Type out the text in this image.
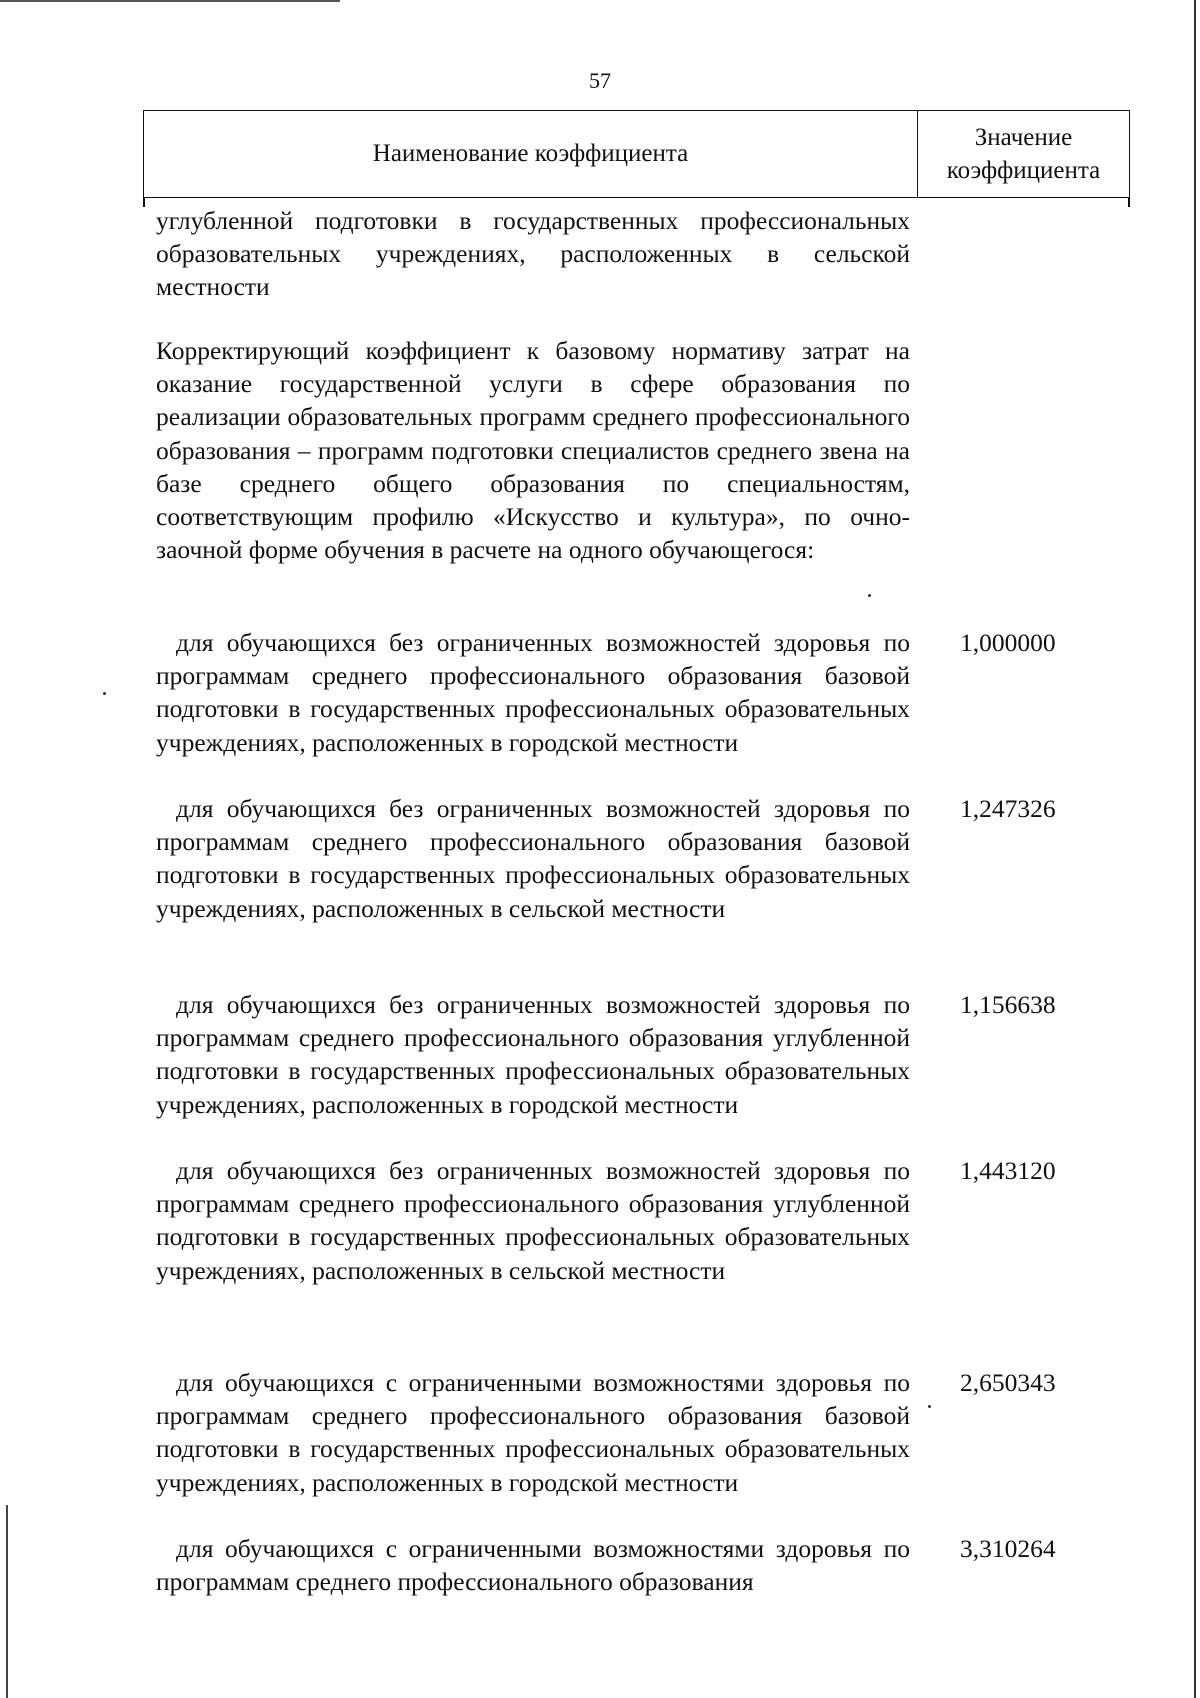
57
Наименование коэффициента
Значение коэффициента
углубленной подготовки в государственных профессиональных образовательных учреждениях, расположенных в сельской местности
Корректирующий коэффициент к базовому нормативу затрат на оказание государственной услуги в сфере образования по реализации образовательных программ среднего профессионального образования – программ подготовки специалистов среднего звена на базе среднего общего образования по специальностям, соответствующим профилю «Искусство и культура», по очно-заочной форме обучения в расчете на одного обучающегося:
для обучающихся без ограниченных возможностей здоровья по программам среднего профессионального образования базовой подготовки в государственных профессиональных образовательных учреждениях, расположенных в городской местности
1,000000
для обучающихся без ограниченных возможностей здоровья по программам среднего профессионального образования базовой подготовки в государственных профессиональных образовательных учреждениях, расположенных в сельской местности
1,247326
для обучающихся без ограниченных возможностей здоровья по программам среднего профессионального образования углубленной подготовки в государственных профессиональных образовательных учреждениях, расположенных в городской местности
1,156638
для обучающихся без ограниченных возможностей здоровья по программам среднего профессионального образования углубленной подготовки в государственных профессиональных образовательных учреждениях, расположенных в сельской местности
1,443120
для обучающихся с ограниченными возможностями здоровья по программам среднего профессионального образования базовой подготовки в государственных профессиональных образовательных учреждениях, расположенных в городской местности
2,650343
для обучающихся с ограниченными возможностями здоровья по программам среднего профессионального образования
3,310264
